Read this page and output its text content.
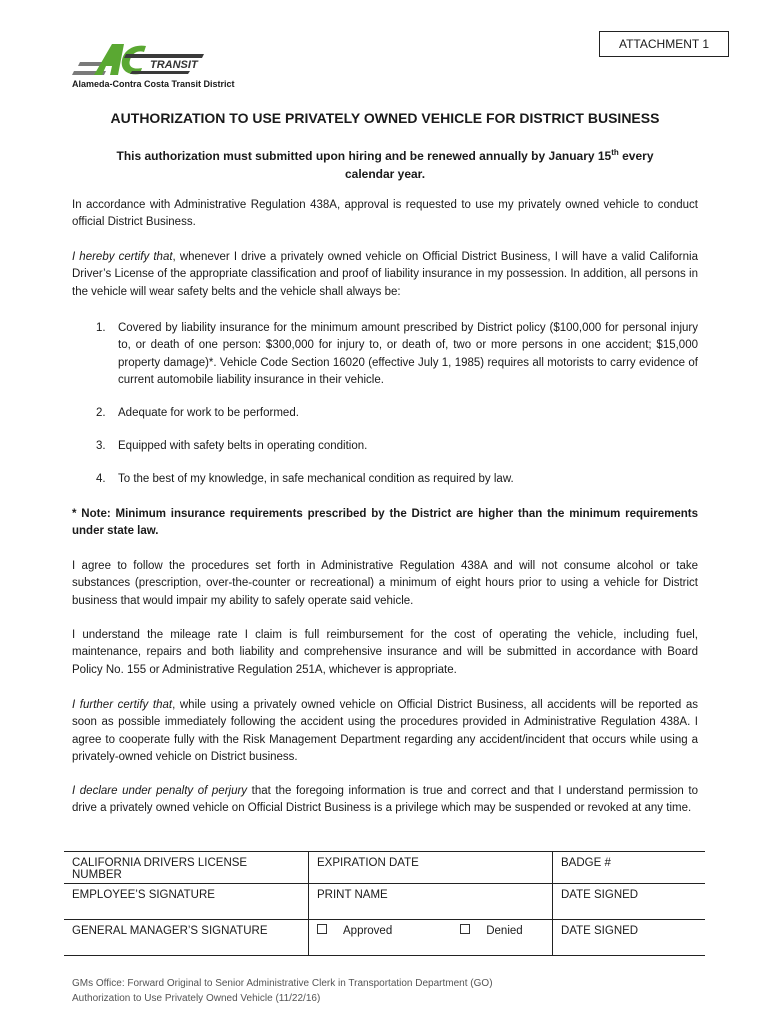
TRANSIT
Alameda-Contra Costa Transit District
ATTACHMENT 1
AUTHORIZATION TO USE PRIVATELY OWNED VEHICLE FOR DISTRICT BUSINESS
This authorization must submitted upon hiring and be renewed annually by January 15th every
calendar year.
In accordance with Administrative Regulation 438A, approval is requested to use my privately owned vehicle to conduct official District Business.
I hereby certify that, whenever I drive a privately owned vehicle on Official District Business, I will have a valid California Driver’s License of the appropriate classification and proof of liability insurance in my possession. In addition, all persons in the vehicle will wear safety belts and the vehicle shall always be:
1. Covered by liability insurance for the minimum amount prescribed by District policy ($100,000 for personal injury to, or death of one person: $300,000 for injury to, or death of, two or more persons in one accident; $15,000 property damage)*. Vehicle Code Section 16020 (effective July 1, 1985) requires all motorists to carry evidence of current automobile liability insurance in their vehicle.
2. Adequate for work to be performed.
3. Equipped with safety belts in operating condition.
4. To the best of my knowledge, in safe mechanical condition as required by law.
* Note: Minimum insurance requirements prescribed by the District are higher than the minimum requirements under state law.
I agree to follow the procedures set forth in Administrative Regulation 438A and will not consume alcohol or take substances (prescription, over-the-counter or recreational) a minimum of eight hours prior to using a vehicle for District business that would impair my ability to safely operate said vehicle.
I understand the mileage rate I claim is full reimbursement for the cost of operating the vehicle, including fuel, maintenance, repairs and both liability and comprehensive insurance and will be submitted in accordance with Board Policy No. 155 or Administrative Regulation 251A, whichever is appropriate.
I further certify that, while using a privately owned vehicle on Official District Business, all accidents will be reported as soon as possible immediately following the accident using the procedures provided in Administrative Regulation 438A. I agree to cooperate fully with the Risk Management Department regarding any accident/incident that occurs while using a privately-owned vehicle on District business.
I declare under penalty of perjury that the foregoing information is true and correct and that I understand permission to drive a privately owned vehicle on Official District Business is a privilege which may be suspended or revoked at any time.
CALIFORNIA DRIVERS LICENSE NUMBER	EXPIRATION DATE	BADGE #
EMPLOYEE’S SIGNATURE	PRINT NAME	DATE SIGNED
GENERAL MANAGER’S SIGNATURE	Approved Denied	DATE SIGNED
GMs Office: Forward Original to Senior Administrative Clerk in Transportation Department (GO)
Authorization to Use Privately Owned Vehicle (11/22/16)
